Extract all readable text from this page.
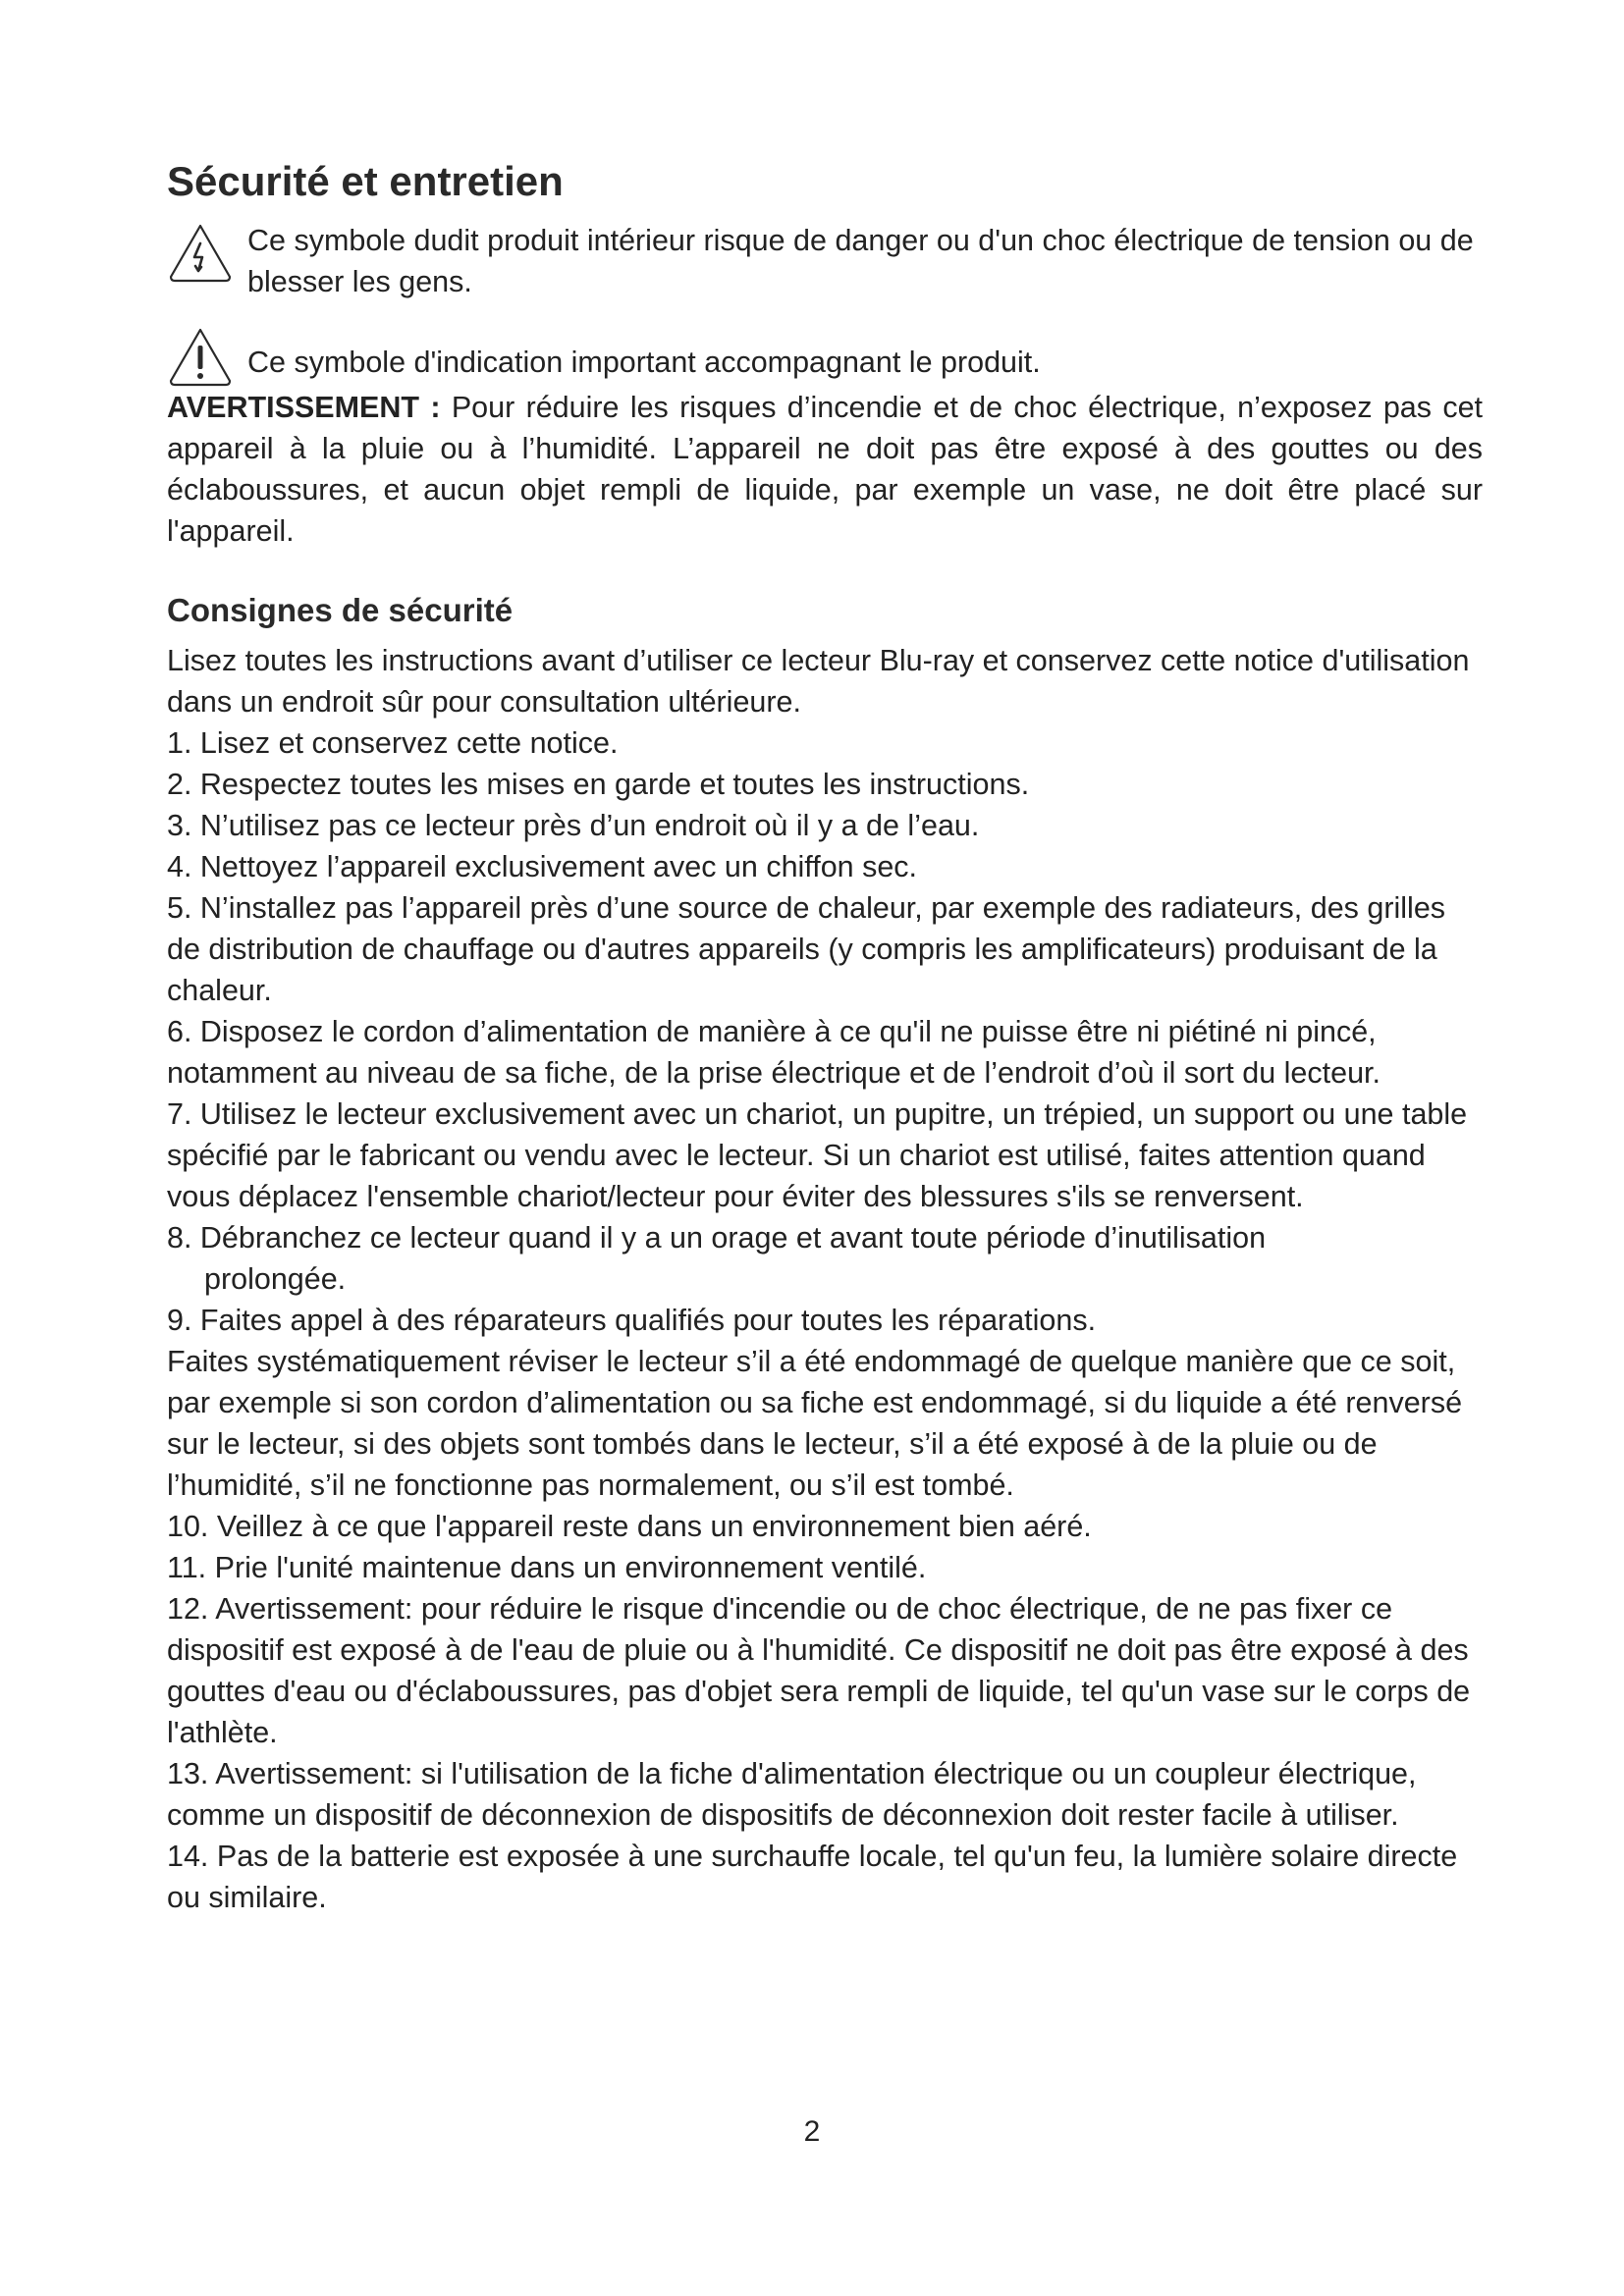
Sécurité et entretien
Ce symbole dudit produit intérieur risque de danger ou d'un choc électrique de tension ou de blesser les gens.
Ce symbole d'indication important accompagnant le produit.

AVERTISSEMENT : Pour réduire les risques d’incendie et de choc électrique, n’exposez pas cet appareil à la pluie ou à l’humidité. L’appareil ne doit pas être exposé à des gouttes ou des éclaboussures, et aucun objet rempli de liquide, par exemple un vase, ne doit être placé sur l'appareil.

Consignes de sécurité

Lisez toutes les instructions avant d’utiliser ce lecteur Blu-ray et conservez cette notice d'utilisation dans un endroit sûr pour consultation ultérieure.

1. Lisez et conservez cette notice.

2. Respectez toutes les mises en garde et toutes les instructions.

3. N’utilisez pas ce lecteur près d’un endroit où il y a de l’eau.

4. Nettoyez l’appareil exclusivement avec un chiffon sec.

5. N’installez pas l’appareil près d’une source de chaleur, par exemple des radiateurs, des grilles de distribution de chauffage ou d'autres appareils (y compris les amplificateurs) produisant de la chaleur.

6. Disposez le cordon d’alimentation de manière à ce qu'il ne puisse être ni piétiné ni pincé, notamment au niveau de sa fiche, de la prise électrique et de l’endroit d’où il sort du lecteur.

7. Utilisez le lecteur exclusivement avec un chariot, un pupitre, un trépied, un support ou une table spécifié par le fabricant ou vendu avec le lecteur. Si un chariot est utilisé, faites attention quand vous déplacez l'ensemble chariot/lecteur pour éviter des blessures s'ils se renversent.

8. Débranchez ce lecteur quand il y a un orage et avant toute période d’inutilisation

prolongée.

9. Faites appel à des réparateurs qualifiés pour toutes les réparations.

Faites systématiquement réviser le lecteur s’il a été endommagé de quelque manière que ce soit, par exemple si son cordon d’alimentation ou sa fiche est endommagé, si du liquide a été renversé sur le lecteur, si des objets sont tombés dans le lecteur, s’il a été exposé à de la pluie ou de l’humidité, s’il ne fonctionne pas normalement, ou s’il est tombé.

10. Veillez à ce que l'appareil reste dans un environnement bien aéré.

11. Prie l'unité maintenue dans un environnement ventilé.

12. Avertissement: pour réduire le risque d'incendie ou de choc électrique, de ne pas fixer ce dispositif est exposé à de l'eau de pluie ou à l'humidité. Ce dispositif ne doit pas être exposé à des gouttes d'eau ou d'éclaboussures, pas d'objet sera rempli de liquide, tel qu'un vase sur le corps de l'athlète.

13. Avertissement: si l'utilisation de la fiche d'alimentation électrique ou un coupleur électrique, comme un dispositif de déconnexion de dispositifs de déconnexion doit rester facile à utiliser.

14. Pas de la batterie est exposée à une surchauffe locale, tel qu'un feu, la lumière solaire directe ou similaire.

2
